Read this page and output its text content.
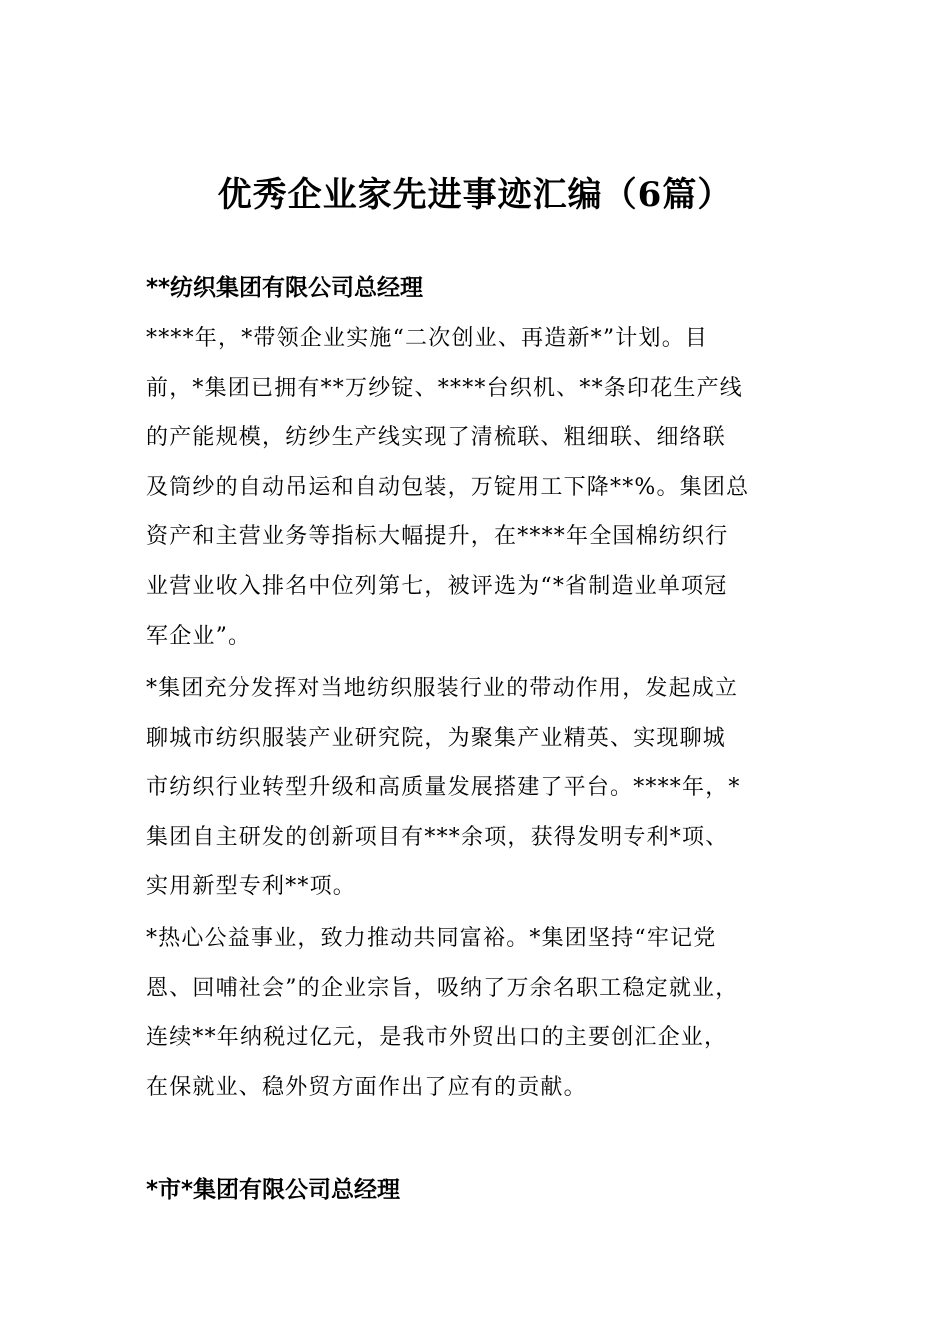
优秀企业家先进事迹汇编（6篇）
**纺织集团有限公司总经理
****年，*带领企业实施“二次创业、再造新*”计划。目
前，*集团已拥有**万纱锭、****台织机、**条印花生产线
的产能规模，纺纱生产线实现了清梳联、粗细联、细络联
及筒纱的自动吊运和自动包装，万锭用工下降**%。集团总
资产和主营业务等指标大幅提升，在****年全国棉纺织行
业营业收入排名中位列第七，被评选为“*省制造业单项冠
军企业”。
*集团充分发挥对当地纺织服装行业的带动作用，发起成立
聊城市纺织服装产业研究院，为聚集产业精英、实现聊城
市纺织行业转型升级和高质量发展搭建了平台。****年，*
集团自主研发的创新项目有***余项，获得发明专利*项、
实用新型专利**项。
*热心公益事业，致力推动共同富裕。*集团坚持“牢记党
恩、回哺社会”的企业宗旨，吸纳了万余名职工稳定就业，
连续**年纳税过亿元，是我市外贸出口的主要创汇企业，
在保就业、稳外贸方面作出了应有的贡献。
*市*集团有限公司总经理
